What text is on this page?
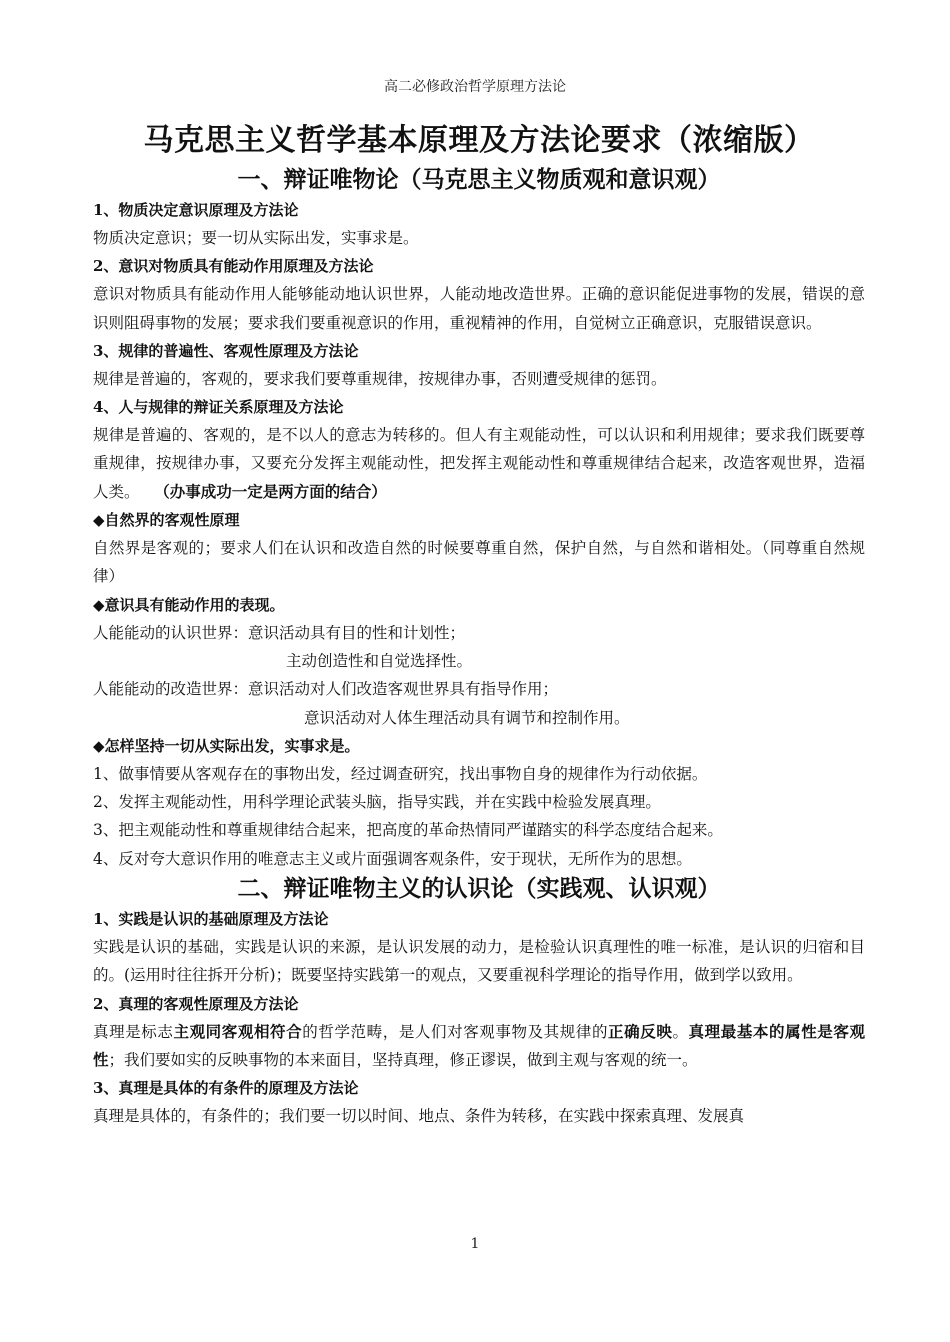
高二必修政治哲学原理方法论
马克思主义哲学基本原理及方法论要求（浓缩版）
一、辩证唯物论（马克思主义物质观和意识观）

1、物质决定意识原理及方法论

物质决定意识；要一切从实际出发，实事求是。

2、意识对物质具有能动作用原理及方法论

意识对物质具有能动作用人能够能动地认识世界，人能动地改造世界。正确的意识能促进事物的发展，错误的意识则阻碍事物的发展；要求我们要重视意识的作用，重视精神的作用，自觉树立正确意识，克服错误意识。

3、规律的普遍性、客观性原理及方法论

规律是普遍的，客观的，要求我们要尊重规律，按规律办事，否则遭受规律的惩罚。

4、人与规律的辩证关系原理及方法论

规律是普遍的、客观的，是不以人的意志为转移的。但人有主观能动性，可以认识和利用规律；要求我们既要尊重规律，按规律办事，又要充分发挥主观能动性，把发挥主观能动性和尊重规律结合起来，改造客观世界，造福人类。 （办事成功一定是两方面的结合）

◆自然界的客观性原理

自然界是客观的；要求人们在认识和改造自然的时候要尊重自然，保护自然，与自然和谐相处。（同尊重自然规律）

◆意识具有能动作用的表现。

人能能动的认识世界：意识活动具有目的性和计划性；

主动创造性和自觉选择性。

人能能动的改造世界：意识活动对人们改造客观世界具有指导作用；

意识活动对人体生理活动具有调节和控制作用。

◆怎样坚持一切从实际出发，实事求是。

1、做事情要从客观存在的事物出发，经过调查研究，找出事物自身的规律作为行动依据。

2、发挥主观能动性，用科学理论武装头脑，指导实践，并在实践中检验发展真理。

3、把主观能动性和尊重规律结合起来，把高度的革命热情同严谨踏实的科学态度结合起来。

4、反对夸大意识作用的唯意志主义或片面强调客观条件，安于现状，无所作为的思想。

二、辩证唯物主义的认识论（实践观、认识观）

1、实践是认识的基础原理及方法论

实践是认识的基础，实践是认识的来源，是认识发展的动力，是检验认识真理性的唯一标准，是认识的归宿和目的。(运用时往往拆开分析)；既要坚持实践第一的观点，又要重视科学理论的指导作用，做到学以致用。

2、真理的客观性原理及方法论

真理是标志主观同客观相符合的哲学范畴，是人们对客观事物及其规律的正确反映。真理最基本的属性是客观性；我们要如实的反映事物的本来面目，坚持真理，修正谬误，做到主观与客观的统一。

3、真理是具体的有条件的原理及方法论

真理是具体的，有条件的；我们要一切以时间、地点、条件为转移，在实践中探索真理、发展真

1
